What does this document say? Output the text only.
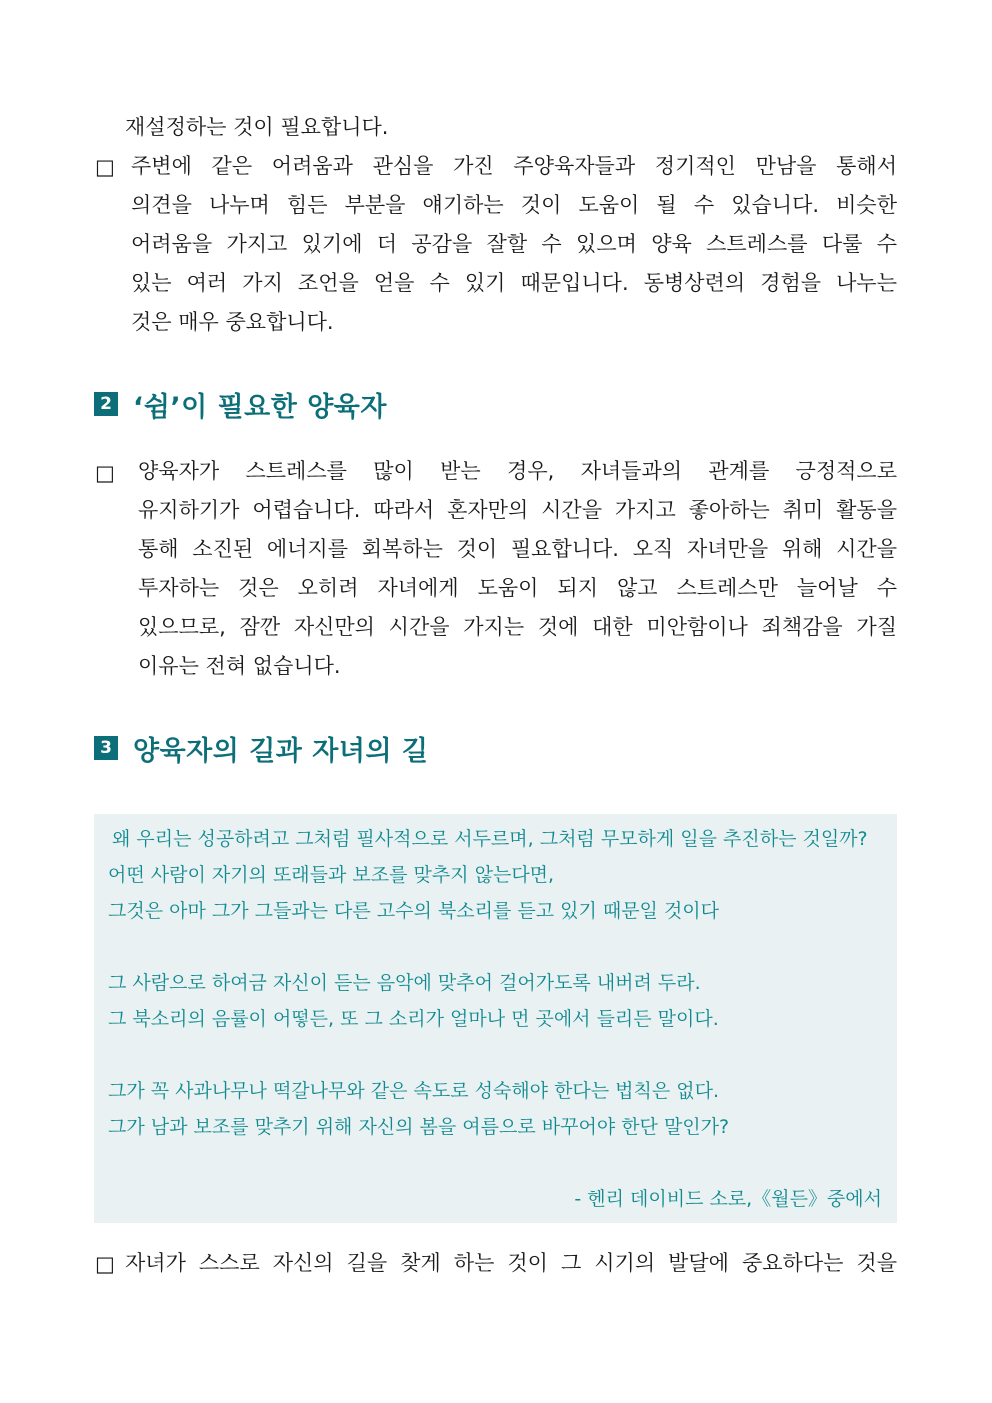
재설정하는 것이 필요합니다.
□ 주변에 같은 어려움과 관심을 가진 주양육자들과 정기적인 만남을 통해서
의견을 나누며 힘든 부분을 얘기하는 것이 도움이 될 수 있습니다. 비슷한
어려움을 가지고 있기에 더 공감을 잘할 수 있으며 양육 스트레스를 다룰 수
있는 여러 가지 조언을 얻을 수 있기 때문입니다. 동병상련의 경험을 나누는
것은 매우 중요합니다.
2 ‘쉼’이 필요한 양육자
□ 양육자가 스트레스를 많이 받는 경우, 자녀들과의 관계를 긍정적으로
유지하기가 어렵습니다. 따라서 혼자만의 시간을 가지고 좋아하는 취미 활동을
통해 소진된 에너지를 회복하는 것이 필요합니다. 오직 자녀만을 위해 시간을
투자하는 것은 오히려 자녀에게 도움이 되지 않고 스트레스만 늘어날 수
있으므로, 잠깐 자신만의 시간을 가지는 것에 대한 미안함이나 죄책감을 가질
이유는 전혀 없습니다.
3 양육자의 길과 자녀의 길
왜 우리는 성공하려고 그처럼 필사적으로 서두르며, 그처럼 무모하게 일을 추진하는 것일까?
어떤 사람이 자기의 또래들과 보조를 맞추지 않는다면,
그것은 아마 그가 그들과는 다른 고수의 북소리를 듣고 있기 때문일 것이다
그 사람으로 하여금 자신이 듣는 음악에 맞추어 걸어가도록 내버려 두라.
그 북소리의 음률이 어떻든, 또 그 소리가 얼마나 먼 곳에서 들리든 말이다.
그가 꼭 사과나무나 떡갈나무와 같은 속도로 성숙해야 한다는 법칙은 없다.
그가 남과 보조를 맞추기 위해 자신의 봄을 여름으로 바꾸어야 한단 말인가?
- 헨리 데이비드 소로,《월든》중에서
□ 자녀가 스스로 자신의 길을 찾게 하는 것이 그 시기의 발달에 중요하다는 것을
